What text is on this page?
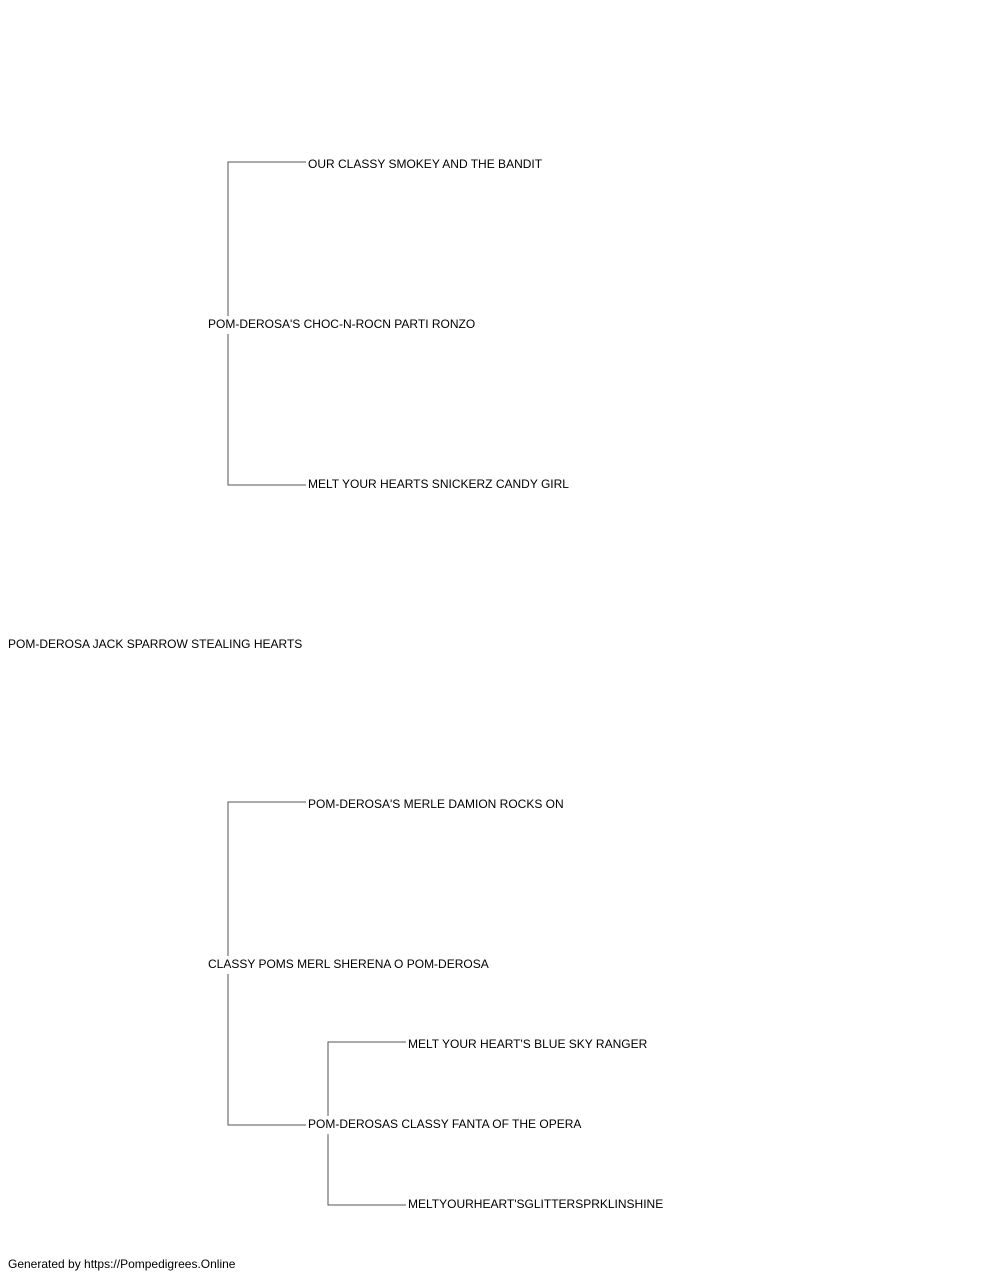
OUR CLASSY SMOKEY AND THE BANDIT
POM-DEROSA'S CHOC-N-ROCN PARTI RONZO
MELT YOUR HEARTS SNICKERZ CANDY GIRL
POM-DEROSA JACK SPARROW STEALING HEARTS
POM-DEROSA'S MERLE DAMION ROCKS ON
CLASSY POMS MERL SHERENA O POM-DEROSA
MELT YOUR HEART'S BLUE SKY RANGER
POM-DEROSAS CLASSY FANTA OF THE OPERA
MELTYOURHEART'SGLITTERSPRKLINSHINE
Generated by https://Pompedigrees.Online
